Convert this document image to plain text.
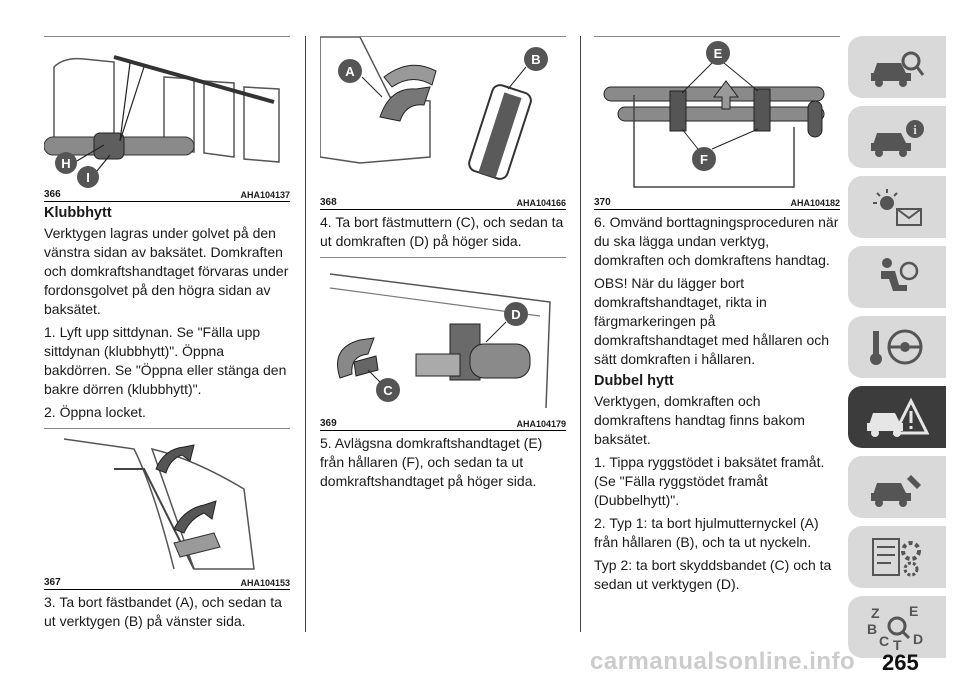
H
I
366	AHA104137
Klubbhytt

Verktygen lagras under golvet på den vänstra sidan av baksätet. Domkraften och domkraftshandtaget förvaras under fordonsgolvet på den högra sidan av baksätet.

1. Lyft upp sittdynan. Se "Fälla upp sittdynan (klubbhytt)". Öppna bakdörren. Se "Öppna eller stänga den bakre dörren (klubbhytt)".

2. Öppna locket.

367	AHA104153

3. Ta bort fästbandet (A), och sedan ta ut verktygen (B) på vänster sida.

A
B
368	AHA104166

4. Ta bort fästmuttern (C), och sedan ta ut domkraften (D) på höger sida.

D
C
369	AHA104179

5. Avlägsna domkraftshandtaget (E) från hållaren (F), och sedan ta ut domkraftshandtaget på höger sida.

E
F
370	AHA104182

6. Omvänd borttagningsproceduren när du ska lägga undan verktyg, domkraften och domkraftens handtag.

OBS! När du lägger bort domkraftshandtaget, rikta in färgmarkeringen på domkraftshandtaget med hållaren och sätt domkraften i hållaren.

Dubbel hytt

Verktygen, domkraften och domkraftens handtag finns bakom baksätet.

1. Tippa ryggstödet i baksätet framåt. (Se "Fälla ryggstödet framåt (Dubbelhytt)".

2. Typ 1: ta bort hjulmutternyckel (A) från hållaren (B), och ta ut nyckeln.

Typ 2: ta bort skyddsbandet (C) och ta sedan ut verktygen (D).

i
Z E
B
C T D
carmanualsonline.info 265
